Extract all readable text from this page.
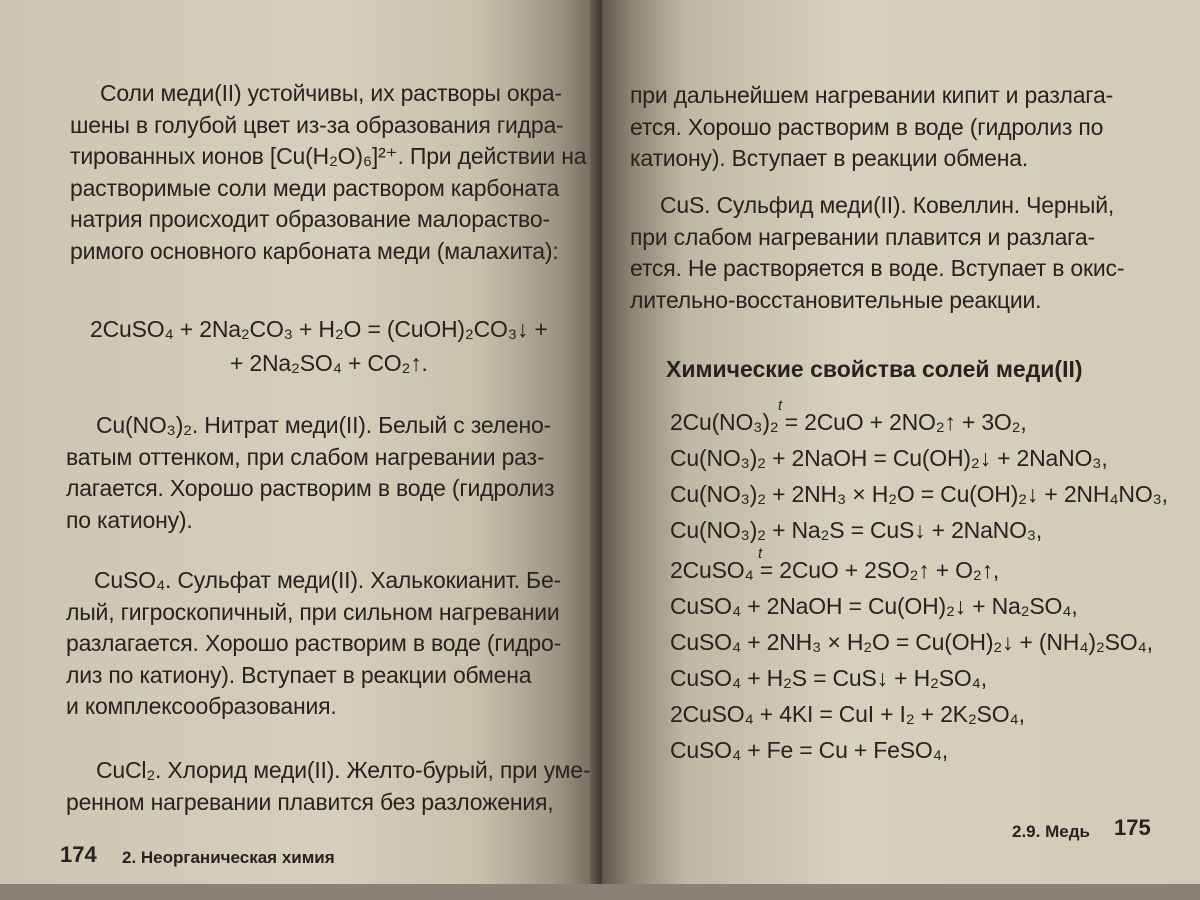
Соли меди(II) устойчивы, их растворы окра-
шены в голубой цвет из-за образования гидра-
тированных ионов [Cu(H₂O)₆]²⁺. При действии на
растворимые соли меди раствором карбоната
натрия происходит образование малораство-
римого основного карбоната меди (малахита):
2CuSO₄ + 2Na₂CO₃ + H₂O = (CuOH)₂CO₃↓ +
+ 2Na₂SO₄ + CO₂↑.
Cu(NO₃)₂. Нитрат меди(II). Белый с зелено-
ватым оттенком, при слабом нагревании раз-
лагается. Хорошо растворим в воде (гидролиз
по катиону).
CuSO₄. Сульфат меди(II). Халькокианит. Бе-
лый, гигроскопичный, при сильном нагревании
разлагается. Хорошо растворим в воде (гидро-
лиз по катиону). Вступает в реакции обмена
и комплексообразования.
CuCl₂. Хлорид меди(II). Желто-бурый, при уме-
ренном нагревании плавится без разложения,
174 2. Неорганическая химия
при дальнейшем нагревании кипит и разлага-
ется. Хорошо растворим в воде (гидролиз по
катиону). Вступает в реакции обмена.
CuS. Сульфид меди(II). Ковеллин. Черный,
при слабом нагревании плавится и разлага-
ется. Не растворяется в воде. Вступает в окис-
лительно-восстановительные реакции.
Химические свойства солей меди(II)
t
2Cu(NO₃)₂ = 2CuO + 2NO₂↑ + 3O₂,
Cu(NO₃)₂ + 2NaOH = Cu(OH)₂↓ + 2NaNO₃,
Cu(NO₃)₂ + 2NH₃ × H₂O = Cu(OH)₂↓ + 2NH₄NO₃,
Cu(NO₃)₂ + Na₂S = CuS↓ + 2NaNO₃,
t
2CuSO₄ = 2CuO + 2SO₂↑ + O₂↑,
CuSO₄ + 2NaOH = Cu(OH)₂↓ + Na₂SO₄,
CuSO₄ + 2NH₃ × H₂O = Cu(OH)₂↓ + (NH₄)₂SO₄,
CuSO₄ + H₂S = CuS↓ + H₂SO₄,
2CuSO₄ + 4KI = CuI + I₂ + 2K₂SO₄,
CuSO₄ + Fe = Cu + FeSO₄,
2.9. Медь 175
